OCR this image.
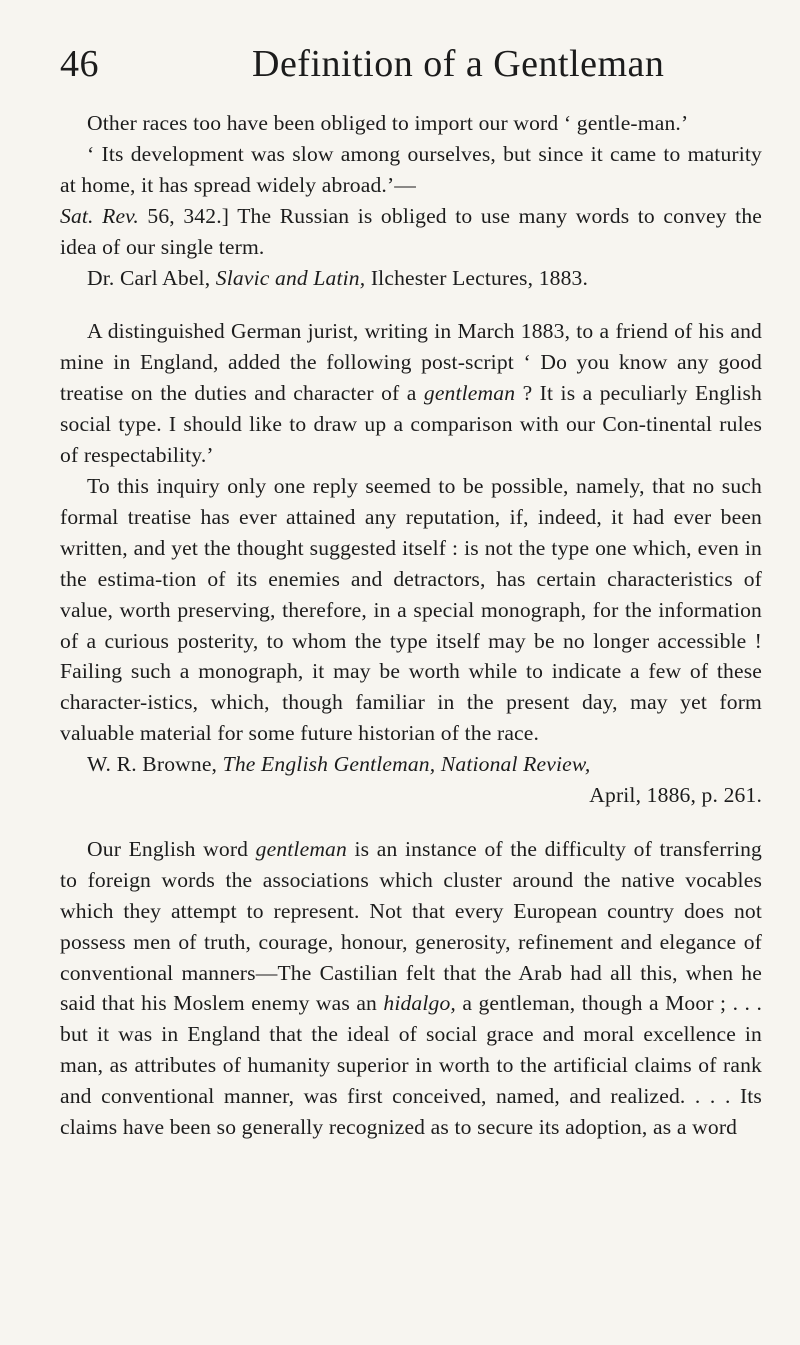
46	Definition of a Gentleman

Other races too have been obliged to import our word ‘ gentle-man.’

‘ Its development was slow among ourselves, but since it came to maturity at home, it has spread widely abroad.’—
Sat. Rev. 56, 342.] The Russian is obliged to use many words to convey the idea of our single term.

Dr. Carl Abel, Slavic and Latin, Ilchester Lectures, 1883.

A distinguished German jurist, writing in March 1883, to a friend of his and mine in England, added the following post-script ‘ Do you know any good treatise on the duties and character of a gentleman ? It is a peculiarly English social type. I should like to draw up a comparison with our Con-tinental rules of respectability.’

To this inquiry only one reply seemed to be possible, namely, that no such formal treatise has ever attained any reputation, if, indeed, it had ever been written, and yet the thought suggested itself : is not the type one which, even in the estima-tion of its enemies and detractors, has certain characteristics of value, worth preserving, therefore, in a special monograph, for the information of a curious posterity, to whom the type itself may be no longer accessible ! Failing such a monograph, it may be worth while to indicate a few of these character-istics, which, though familiar in the present day, may yet form valuable material for some future historian of the race.

W. R. Browne, The English Gentleman, National Review,

April, 1886, p. 261.

Our English word gentleman is an instance of the difficulty of transferring to foreign words the associations which cluster around the native vocables which they attempt to represent. Not that every European country does not possess men of truth, courage, honour, generosity, refinement and elegance of conventional manners—The Castilian felt that the Arab had all this, when he said that his Moslem enemy was an hidalgo, a gentleman, though a Moor ; . . . but it was in England that the ideal of social grace and moral excellence in man, as attributes of humanity superior in worth to the artificial claims of rank and conventional manner, was first conceived, named, and realized. . . . Its claims have been so generally recognized as to secure its adoption, as a word
